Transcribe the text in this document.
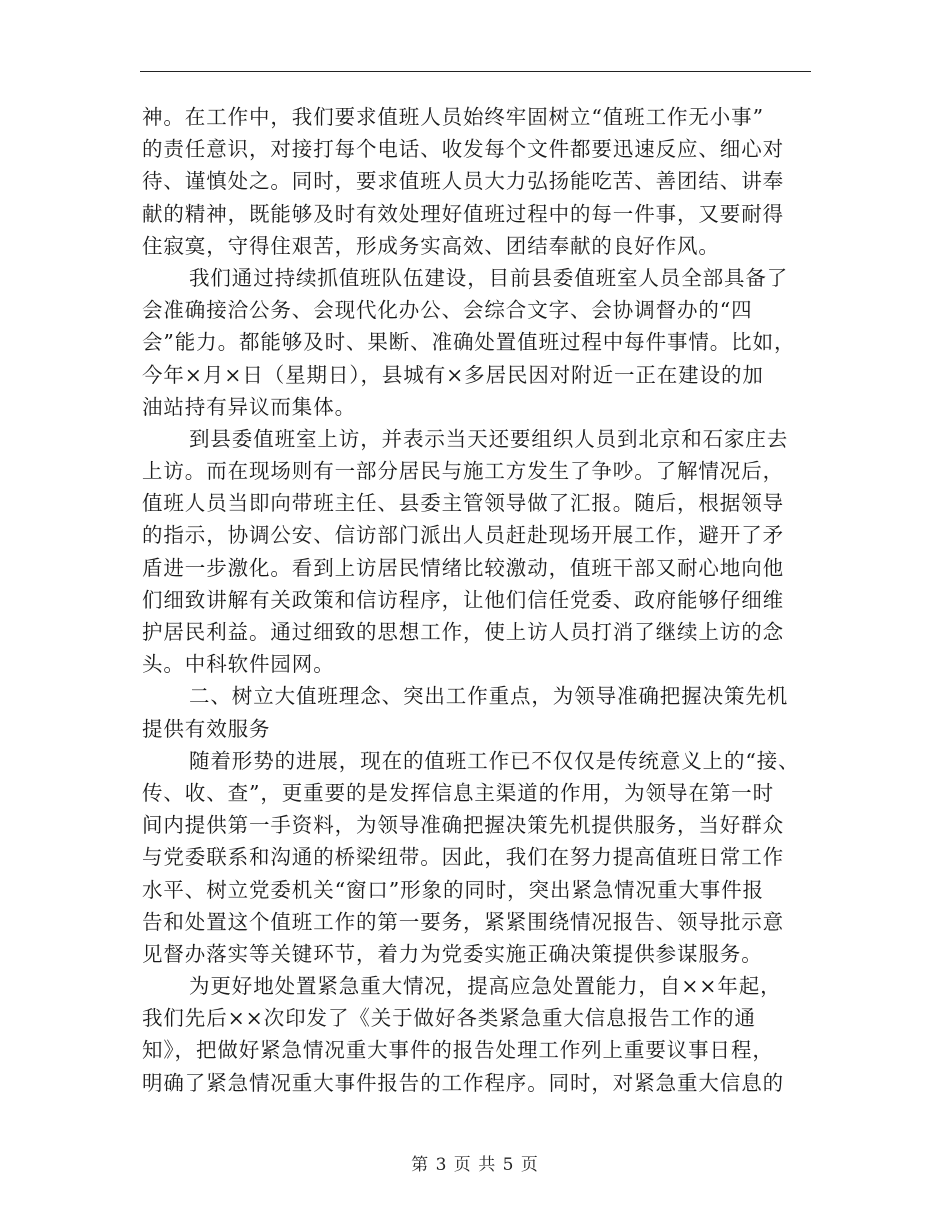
神。在工作中，我们要求值班人员始终牢固树立“值班工作无小事”
的责任意识，对接打每个电话、收发每个文件都要迅速反应、细心对
待、谨慎处之。同时，要求值班人员大力弘扬能吃苦、善团结、讲奉
献的精神，既能够及时有效处理好值班过程中的每一件事，又要耐得
住寂寞，守得住艰苦，形成务实高效、团结奉献的良好作风。
我们通过持续抓值班队伍建设，目前县委值班室人员全部具备了
会准确接洽公务、会现代化办公、会综合文字、会协调督办的“四
会”能力。都能够及时、果断、准确处置值班过程中每件事情。比如，
今年×月×日（星期日），县城有×多居民因对附近一正在建设的加
油站持有异议而集体。
到县委值班室上访，并表示当天还要组织人员到北京和石家庄去
上访。而在现场则有一部分居民与施工方发生了争吵。了解情况后，
值班人员当即向带班主任、县委主管领导做了汇报。随后，根据领导
的指示，协调公安、信访部门派出人员赶赴现场开展工作，避开了矛
盾进一步激化。看到上访居民情绪比较激动，值班干部又耐心地向他
们细致讲解有关政策和信访程序，让他们信任党委、政府能够仔细维
护居民利益。通过细致的思想工作，使上访人员打消了继续上访的念
头。中科软件园网。
二、树立大值班理念、突出工作重点，为领导准确把握决策先机
提供有效服务
随着形势的进展，现在的值班工作已不仅仅是传统意义上的“接、
传、收、查”，更重要的是发挥信息主渠道的作用，为领导在第一时
间内提供第一手资料，为领导准确把握决策先机提供服务，当好群众
与党委联系和沟通的桥梁纽带。因此，我们在努力提高值班日常工作
水平、树立党委机关“窗口”形象的同时，突出紧急情况重大事件报
告和处置这个值班工作的第一要务，紧紧围绕情况报告、领导批示意
见督办落实等关键环节，着力为党委实施正确决策提供参谋服务。
为更好地处置紧急重大情况，提高应急处置能力，自××年起，
我们先后××次印发了《关于做好各类紧急重大信息报告工作的通
知》，把做好紧急情况重大事件的报告处理工作列上重要议事日程，
明确了紧急情况重大事件报告的工作程序。同时，对紧急重大信息的
第 3 页 共 5 页
